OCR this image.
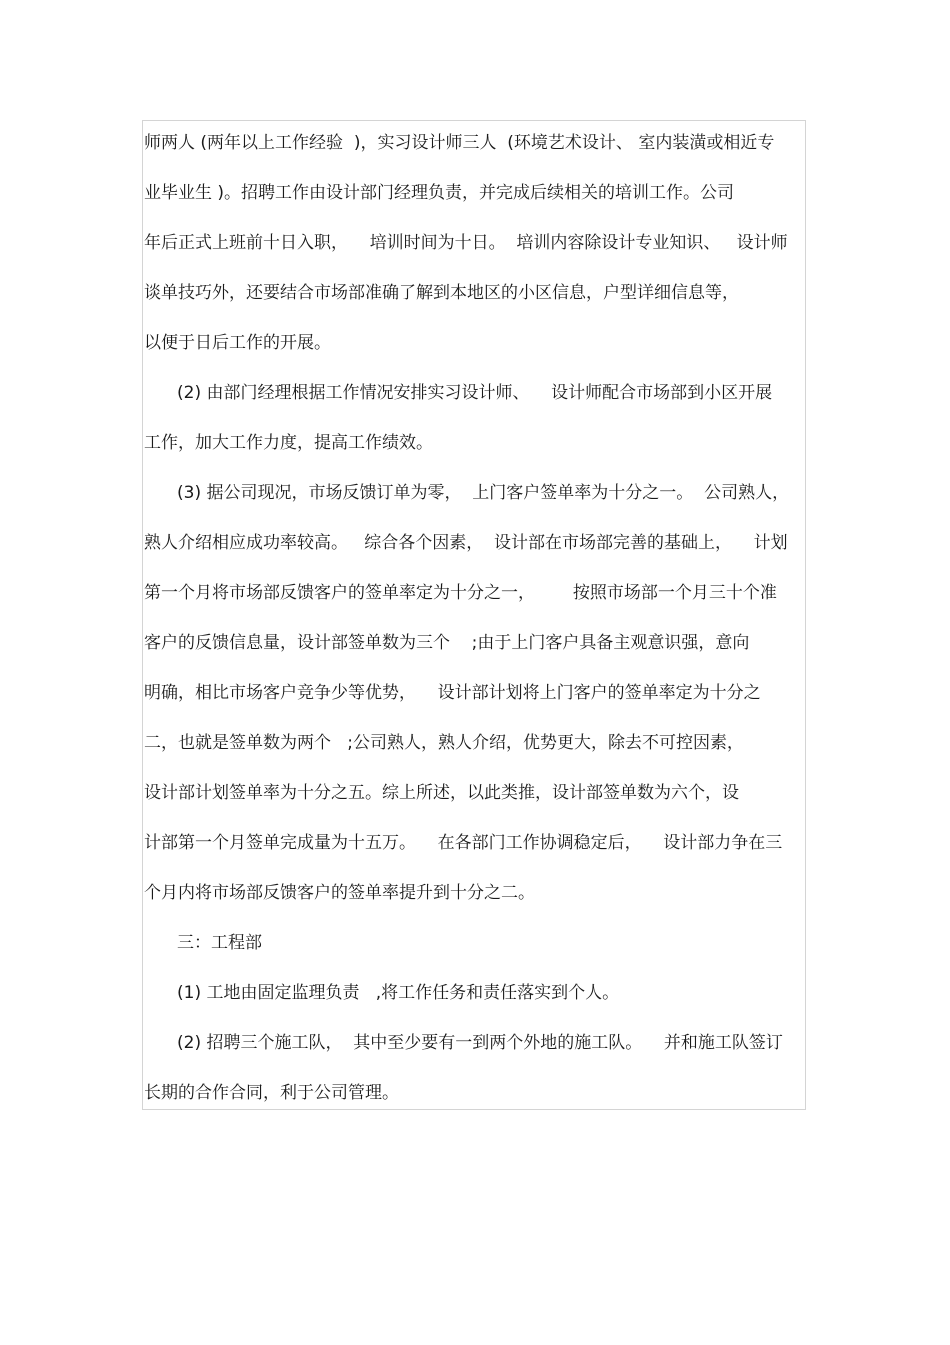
师两人 (两年以上工作经验  )，实习设计师三人  (环境艺术设计、 室内装潢或相近专
业毕业生 )。招聘工作由设计部门经理负责，并完成后续相关的培训工作。公司
年后正式上班前十日入职，    培训时间为十日。  培训内容除设计专业知识、   设计师
谈单技巧外，还要结合市场部准确了解到本地区的小区信息，户型详细信息等，
以便于日后工作的开展。
(2) 由部门经理根据工作情况安排实习设计师、    设计师配合市场部到小区开展
工作，加大工作力度，提高工作绩效。
(3) 据公司现况，市场反馈订单为零，  上门客户签单率为十分之一。  公司熟人，
熟人介绍相应成功率较高。   综合各个因素，  设计部在市场部完善的基础上，    计划
第一个月将市场部反馈客户的签单率定为十分之一，       按照市场部一个月三十个准
客户的反馈信息量，设计部签单数为三个    ;由于上门客户具备主观意识强，意向
明确，相比市场客户竞争少等优势，    设计部计划将上门客户的签单率定为十分之
二，也就是签单数为两个   ;公司熟人，熟人介绍，优势更大，除去不可控因素，
设计部计划签单率为十分之五。综上所述，以此类推，设计部签单数为六个，设
计部第一个月签单完成量为十五万。    在各部门工作协调稳定后，    设计部力争在三
个月内将市场部反馈客户的签单率提升到十分之二。
三：工程部
(1) 工地由固定监理负责   ,将工作任务和责任落实到个人。
(2) 招聘三个施工队，  其中至少要有一到两个外地的施工队。    并和施工队签订
长期的合作合同，利于公司管理。
